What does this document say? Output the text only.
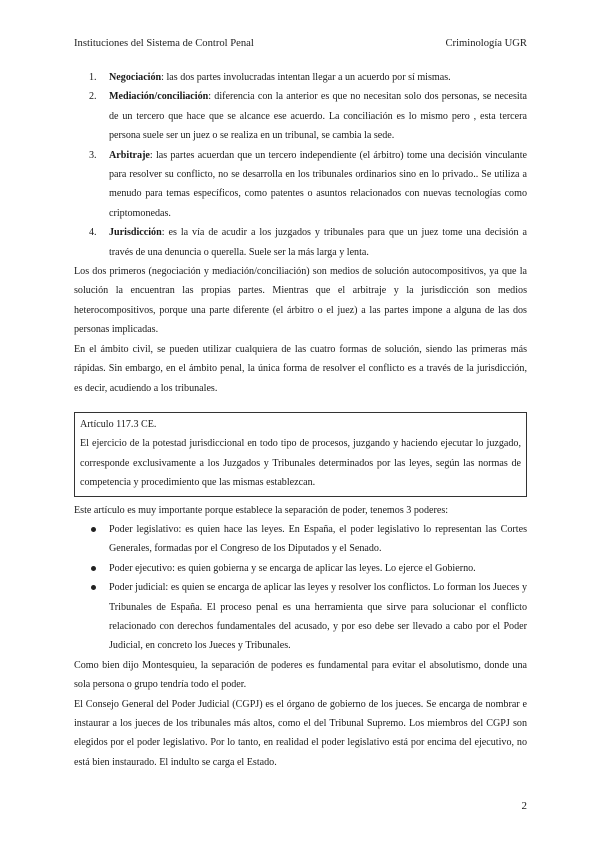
Instituciones del Sistema de Control Penal	Criminología UGR
1. Negociación: las dos partes involucradas intentan llegar a un acuerdo por sí mismas.
2. Mediación/conciliación: diferencia con la anterior es que no necesitan solo dos personas, se necesita de un tercero que hace que se alcance ese acuerdo. La conciliación es lo mismo pero , esta tercera persona suele ser un juez o se realiza en un tribunal, se cambia la sede.
3. Arbitraje: las partes acuerdan que un tercero independiente (el árbitro) tome una decisión vinculante para resolver su conflicto, no se desarrolla en los tribunales ordinarios sino en lo privado.. Se utiliza a menudo para temas específicos, como patentes o asuntos relacionados con nuevas tecnologías como criptomonedas.
4. Jurisdicción: es la vía de acudir a los juzgados y tribunales para que un juez tome una decisión a través de una denuncia o querella. Suele ser la más larga y lenta.

Los dos primeros (negociación y mediación/conciliación) son medios de solución autocompositivos, ya que la solución la encuentran las propias partes. Mientras que el arbitraje y la jurisdicción son medios heterocompositivos, porque una parte diferente (el árbitro o el juez) a las partes impone a alguna de las dos personas implicadas.

En el ámbito civil, se pueden utilizar cualquiera de las cuatro formas de solución, siendo las primeras más rápidas. Sin embargo, en el ámbito penal, la única forma de resolver el conflicto es a través de la jurisdicción, es decir, acudiendo a los tribunales.

Artículo 117.3 CE.

El ejercicio de la potestad jurisdiccional en todo tipo de procesos, juzgando y haciendo ejecutar lo juzgado, corresponde exclusivamente a los Juzgados y Tribunales determinados por las leyes, según las normas de competencia y procedimiento que las mismas establezcan.

Este artículo es muy importante porque establece la separación de poder, tenemos 3 poderes:

Poder legislativo: es quien hace las leyes. En España, el poder legislativo lo representan las Cortes Generales, formadas por el Congreso de los Diputados y el Senado.
Poder ejecutivo: es quien gobierna y se encarga de aplicar las leyes. Lo ejerce el Gobierno.
Poder judicial: es quien se encarga de aplicar las leyes y resolver los conflictos. Lo forman los Jueces y Tribunales de España. El proceso penal es una herramienta que sirve para solucionar el conflicto relacionado con derechos fundamentales del acusado, y por eso debe ser llevado a cabo por el Poder Judicial, en concreto los Jueces y Tribunales.

Como bien dijo Montesquieu, la separación de poderes es fundamental para evitar el absolutismo, donde una sola persona o grupo tendría todo el poder.

El Consejo General del Poder Judicial (CGPJ) es el órgano de gobierno de los jueces. Se encarga de nombrar e instaurar a los jueces de los tribunales más altos, como el del Tribunal Supremo. Los miembros del CGPJ son elegidos por el poder legislativo. Por lo tanto, en realidad el poder legislativo está por encima del ejecutivo, no está bien instaurado. El indulto se carga el Estado.

2
